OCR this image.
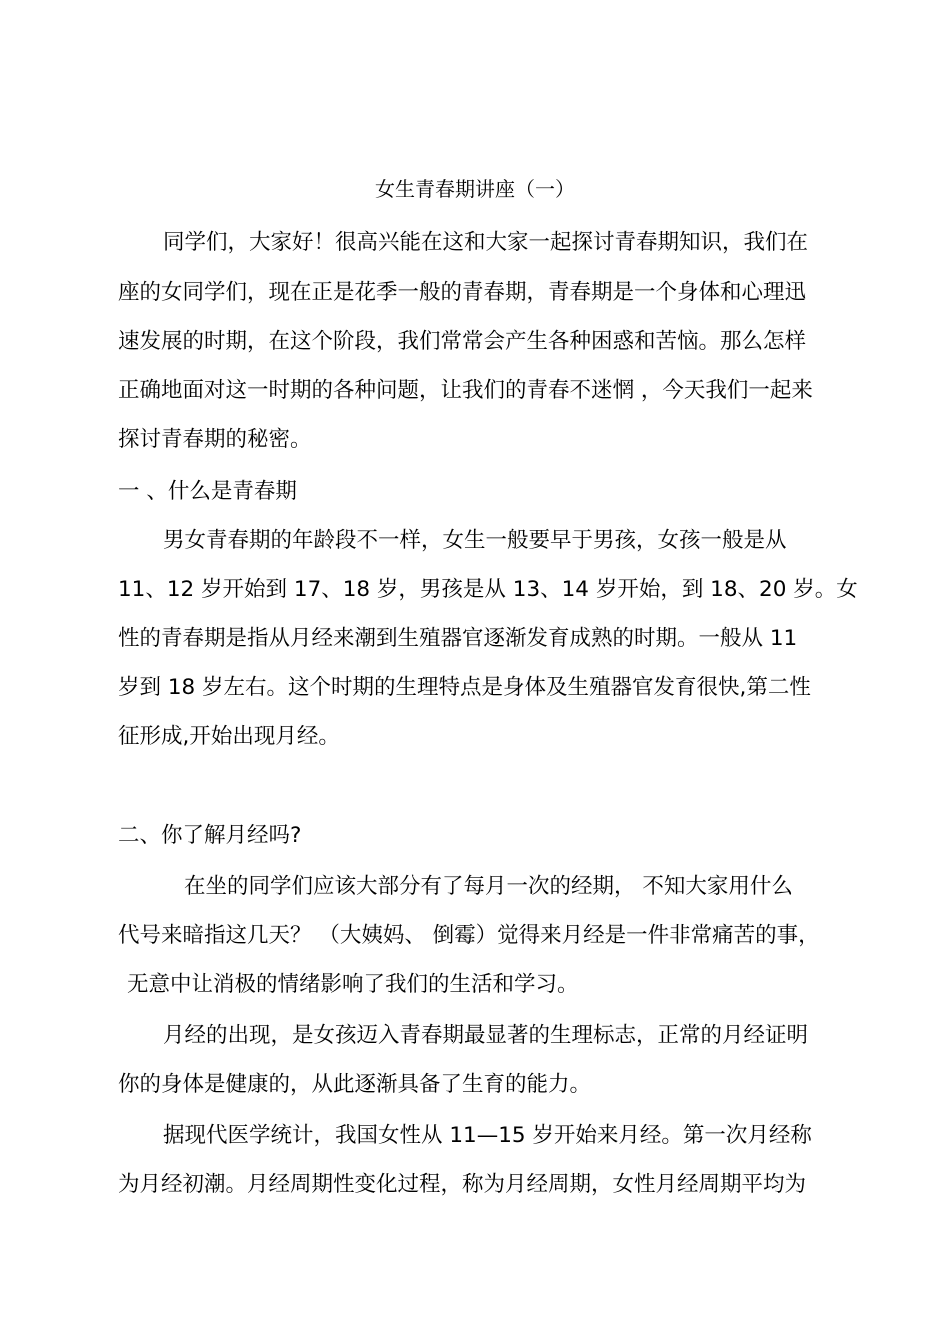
女生青春期讲座（一）
同学们，大家好！很高兴能在这和大家一起探讨青春期知识，我们在
座的女同学们，现在正是花季一般的青春期，青春期是一个身体和心理迅
速发展的时期，在这个阶段，我们常常会产生各种困惑和苦恼。那么怎样
正确地面对这一时期的各种问题，让我们的青春不迷惘 ，今天我们一起来
探讨青春期的秘密。
一 、什么是青春期
男女青春期的年龄段不一样，女生一般要早于男孩，女孩一般是从
11、12 岁开始到 17、18 岁，男孩是从 13、14 岁开始，到 18、20 岁。女
性的青春期是指从月经来潮到生殖器官逐渐发育成熟的时期。一般从 11
岁到 18 岁左右。这个时期的生理特点是身体及生殖器官发育很快,第二性
征形成,开始出现月经。
二、你了解月经吗?
在坐的同学们应该大部分有了每月一次的经期， 不知大家用什么
代号来暗指这几天？ （大姨妈、 倒霉）觉得来月经是一件非常痛苦的事，
无意中让消极的情绪影响了我们的生活和学习。
月经的出现，是女孩迈入青春期最显著的生理标志，正常的月经证明
你的身体是健康的，从此逐渐具备了生育的能力。
据现代医学统计，我国女性从 11—15 岁开始来月经。第一次月经称
为月经初潮。月经周期性变化过程，称为月经周期，女性月经周期平均为
